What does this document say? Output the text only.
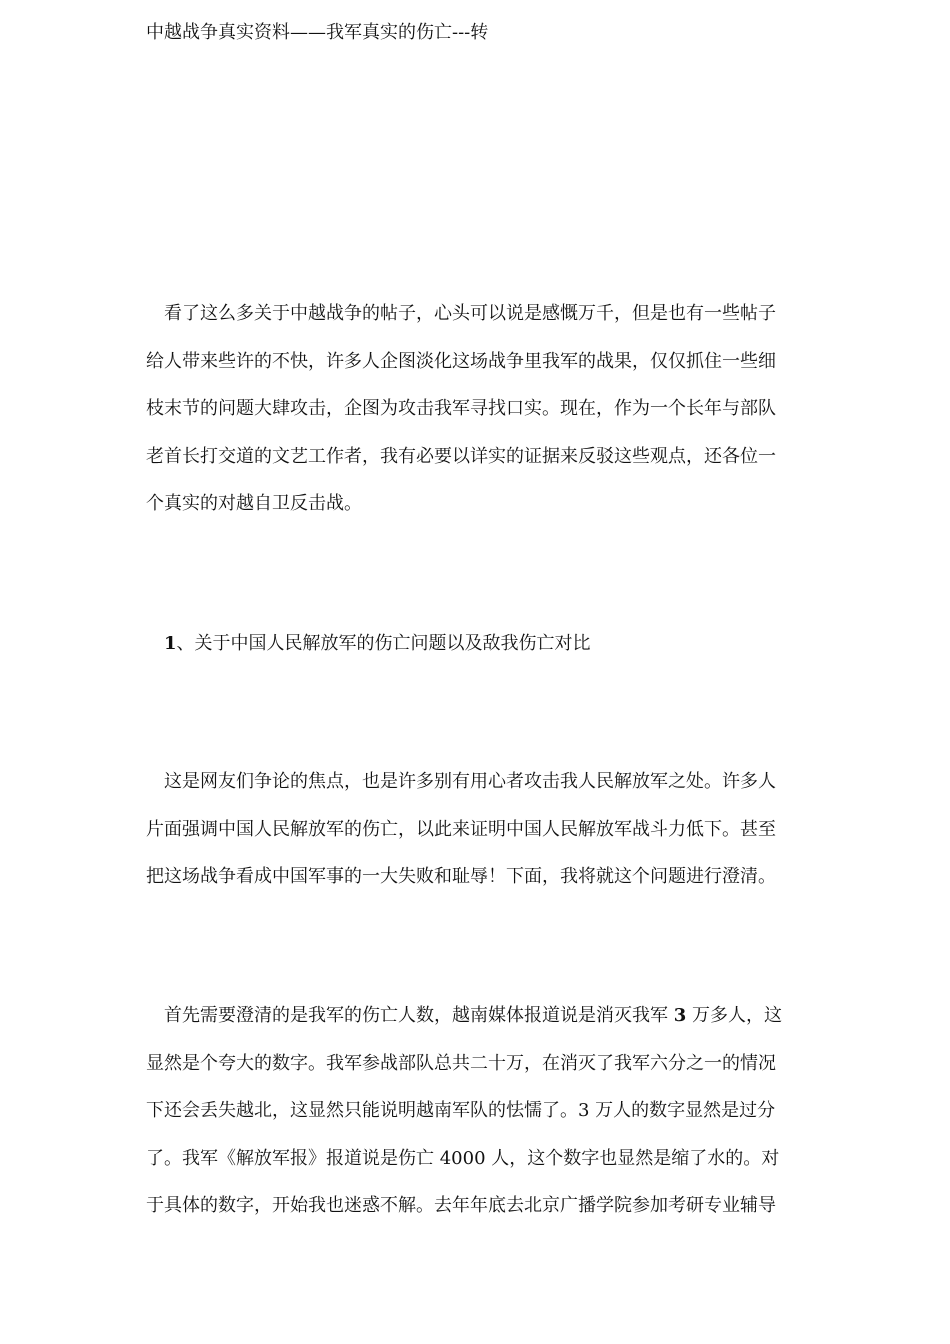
中越战争真实资料——我军真实的伤亡---转
看了这么多关于中越战争的帖子，心头可以说是感慨万千，但是也有一些帖子
给人带来些许的不快，许多人企图淡化这场战争里我军的战果，仅仅抓住一些细
枝末节的问题大肆攻击，企图为攻击我军寻找口实。现在，作为一个长年与部队
老首长打交道的文艺工作者，我有必要以详实的证据来反驳这些观点，还各位一
个真实的对越自卫反击战。
1、关于中国人民解放军的伤亡问题以及敌我伤亡对比
这是网友们争论的焦点，也是许多别有用心者攻击我人民解放军之处。许多人
片面强调中国人民解放军的伤亡，以此来证明中国人民解放军战斗力低下。甚至
把这场战争看成中国军事的一大失败和耻辱！下面，我将就这个问题进行澄清。
首先需要澄清的是我军的伤亡人数，越南媒体报道说是消灭我军 3 万多人，这
显然是个夸大的数字。我军参战部队总共二十万，在消灭了我军六分之一的情况
下还会丢失越北，这显然只能说明越南军队的怯懦了。3 万人的数字显然是过分
了。我军《解放军报》报道说是伤亡 4000 人，这个数字也显然是缩了水的。对
于具体的数字，开始我也迷惑不解。去年年底去北京广播学院参加考研专业辅导
